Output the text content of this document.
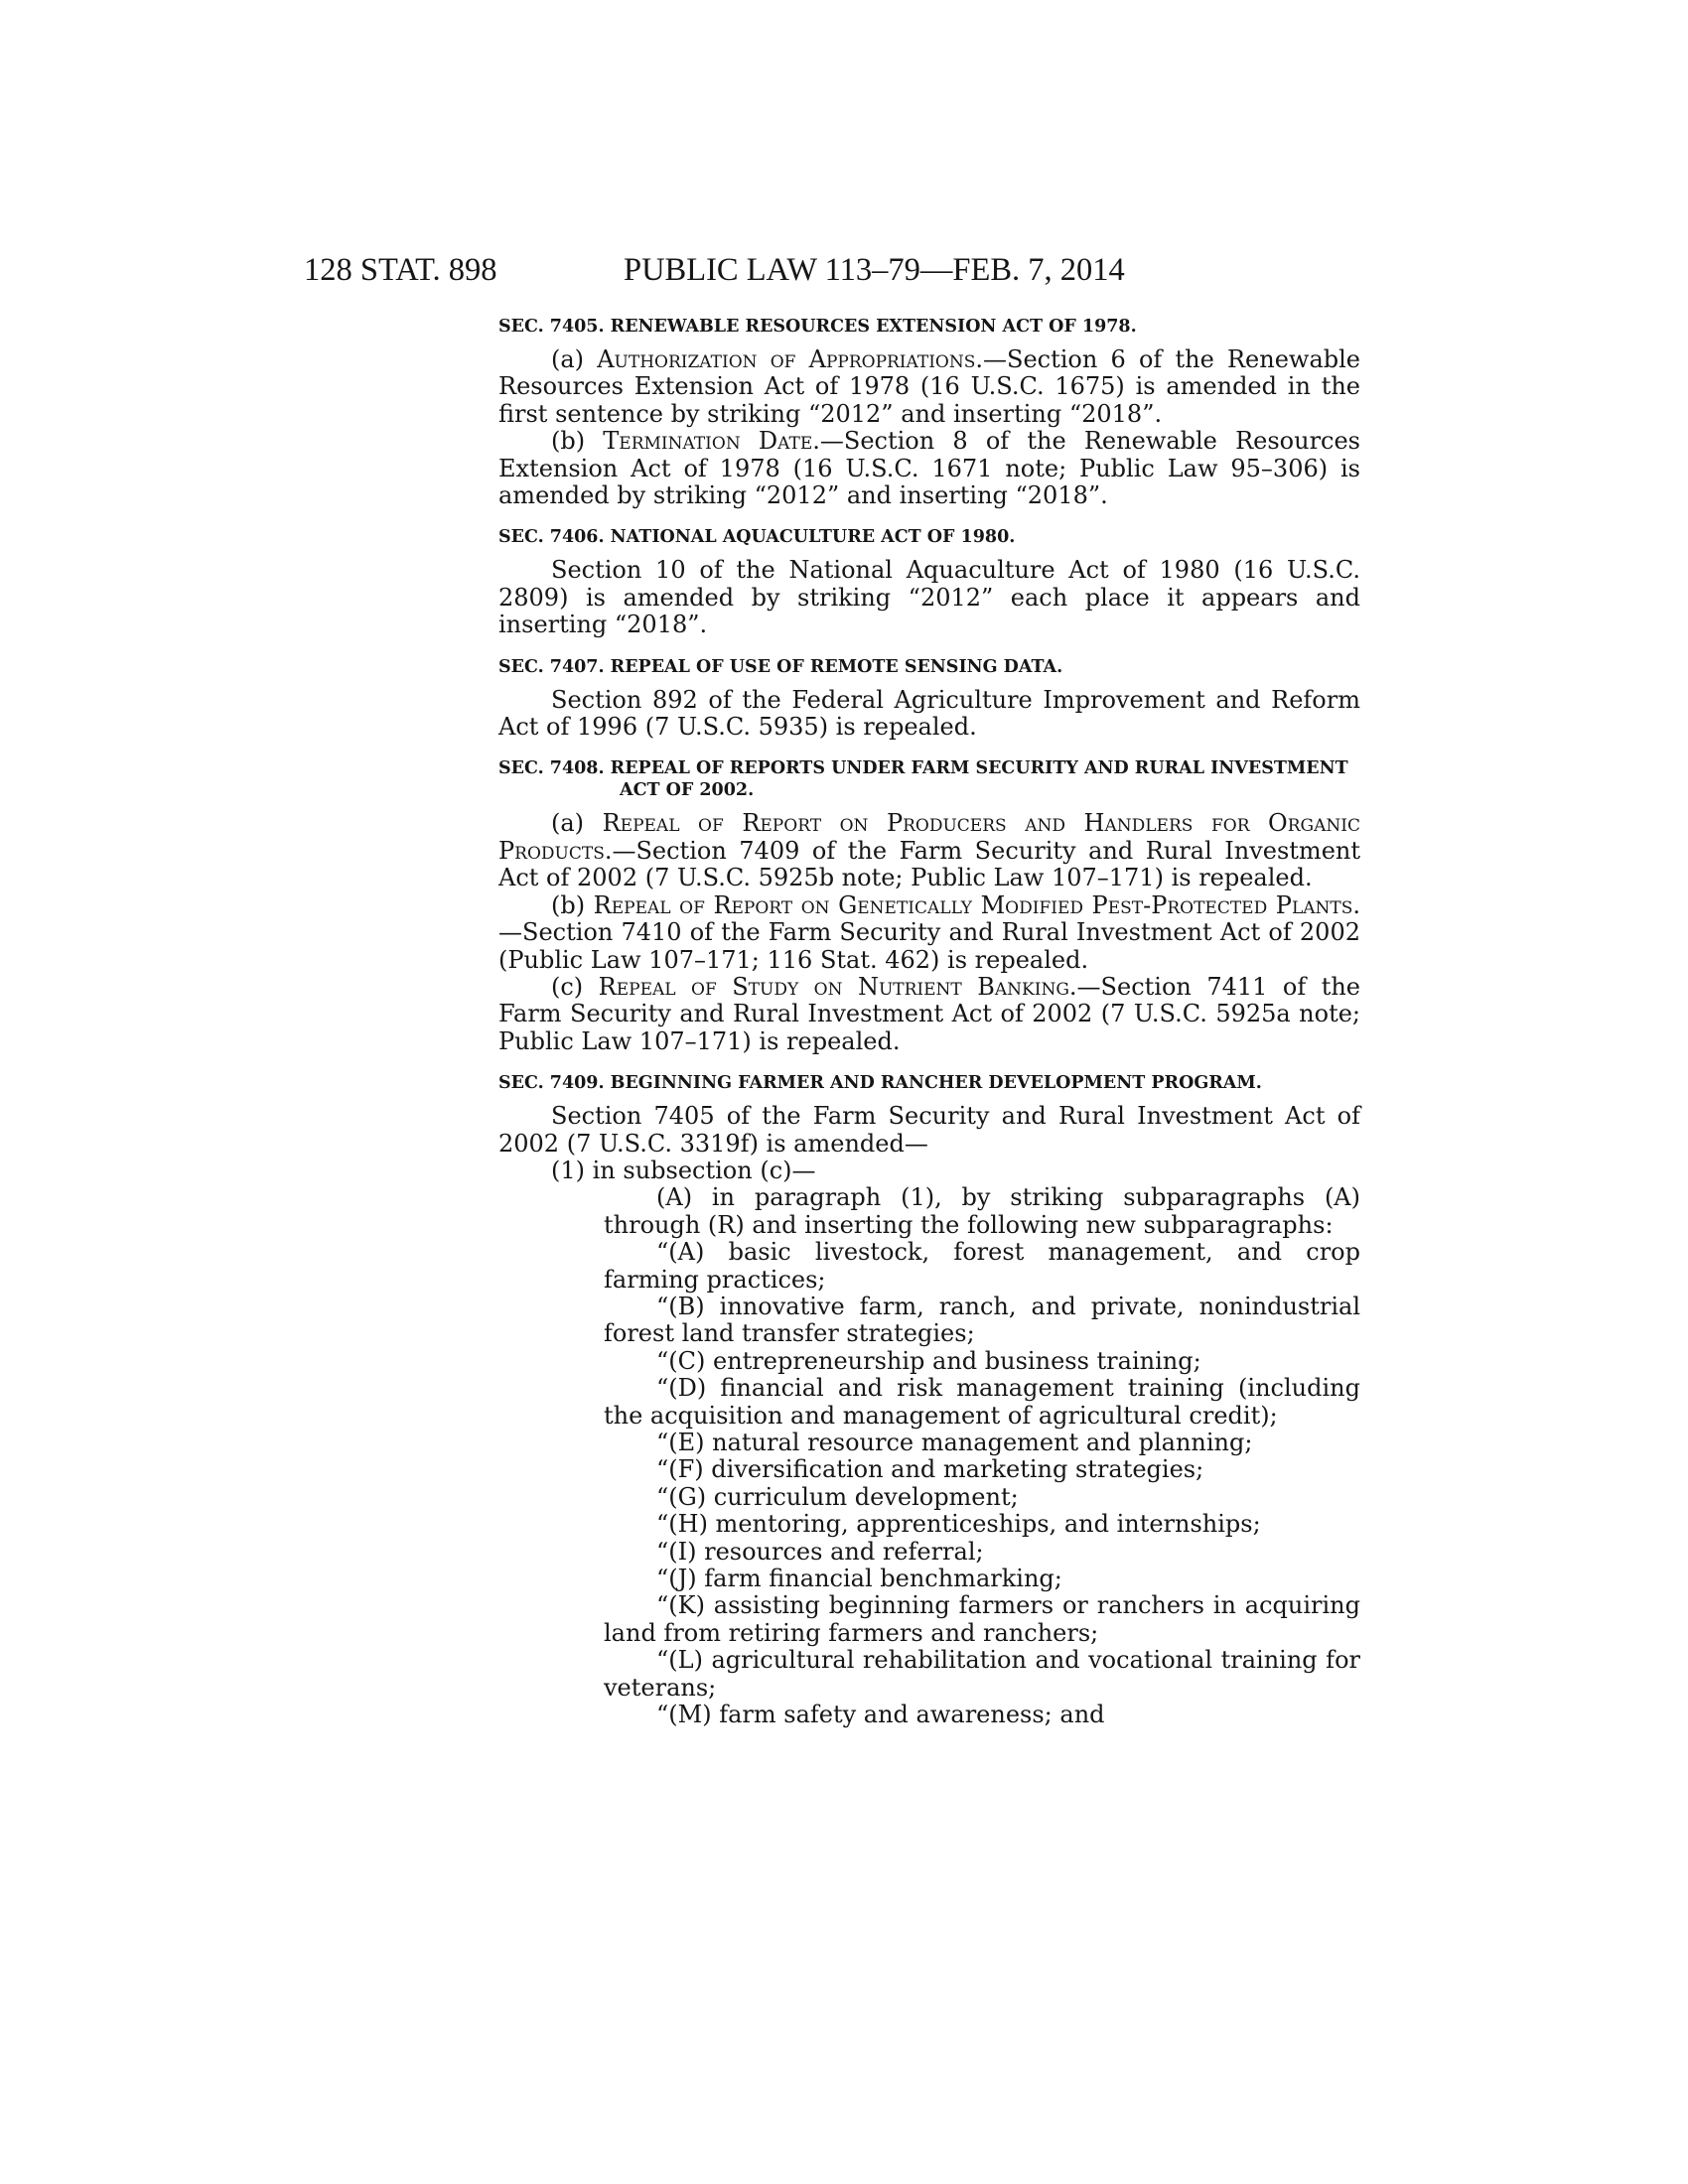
128 STAT. 898	PUBLIC LAW 113–79—FEB. 7, 2014
SEC. 7405. RENEWABLE RESOURCES EXTENSION ACT OF 1978.

(a) Authorization of Appropriations.—Section 6 of the Renewable Resources Extension Act of 1978 (16 U.S.C. 1675) is amended in the first sentence by striking “2012” and inserting “2018”.

(b) Termination Date.—Section 8 of the Renewable Resources Extension Act of 1978 (16 U.S.C. 1671 note; Public Law 95–306) is amended by striking “2012” and inserting “2018”.

SEC. 7406. NATIONAL AQUACULTURE ACT OF 1980.

Section 10 of the National Aquaculture Act of 1980 (16 U.S.C. 2809) is amended by striking “2012” each place it appears and inserting “2018”.

SEC. 7407. REPEAL OF USE OF REMOTE SENSING DATA.

Section 892 of the Federal Agriculture Improvement and Reform Act of 1996 (7 U.S.C. 5935) is repealed.

SEC. 7408. REPEAL OF REPORTS UNDER FARM SECURITY AND RURAL INVESTMENT ACT OF 2002.

(a) Repeal of Report on Producers and Handlers for Organic Products.—Section 7409 of the Farm Security and Rural Investment Act of 2002 (7 U.S.C. 5925b note; Public Law 107–171) is repealed.

(b) Repeal of Report on Genetically Modified Pest-Protected Plants.—Section 7410 of the Farm Security and Rural Investment Act of 2002 (Public Law 107–171; 116 Stat. 462) is repealed.

(c) Repeal of Study on Nutrient Banking.—Section 7411 of the Farm Security and Rural Investment Act of 2002 (7 U.S.C. 5925a note; Public Law 107–171) is repealed.

SEC. 7409. BEGINNING FARMER AND RANCHER DEVELOPMENT PROGRAM.

Section 7405 of the Farm Security and Rural Investment Act of 2002 (7 U.S.C. 3319f) is amended—

(1) in subsection (c)—

(A) in paragraph (1), by striking subparagraphs (A) through (R) and inserting the following new subparagraphs:

“(A) basic livestock, forest management, and crop farming practices;

“(B) innovative farm, ranch, and private, nonindustrial forest land transfer strategies;

“(C) entrepreneurship and business training;

“(D) financial and risk management training (including the acquisition and management of agricultural credit);

“(E) natural resource management and planning;

“(F) diversification and marketing strategies;

“(G) curriculum development;

“(H) mentoring, apprenticeships, and internships;

“(I) resources and referral;

“(J) farm financial benchmarking;

“(K) assisting beginning farmers or ranchers in acquiring land from retiring farmers and ranchers;

“(L) agricultural rehabilitation and vocational training for veterans;

“(M) farm safety and awareness; and
